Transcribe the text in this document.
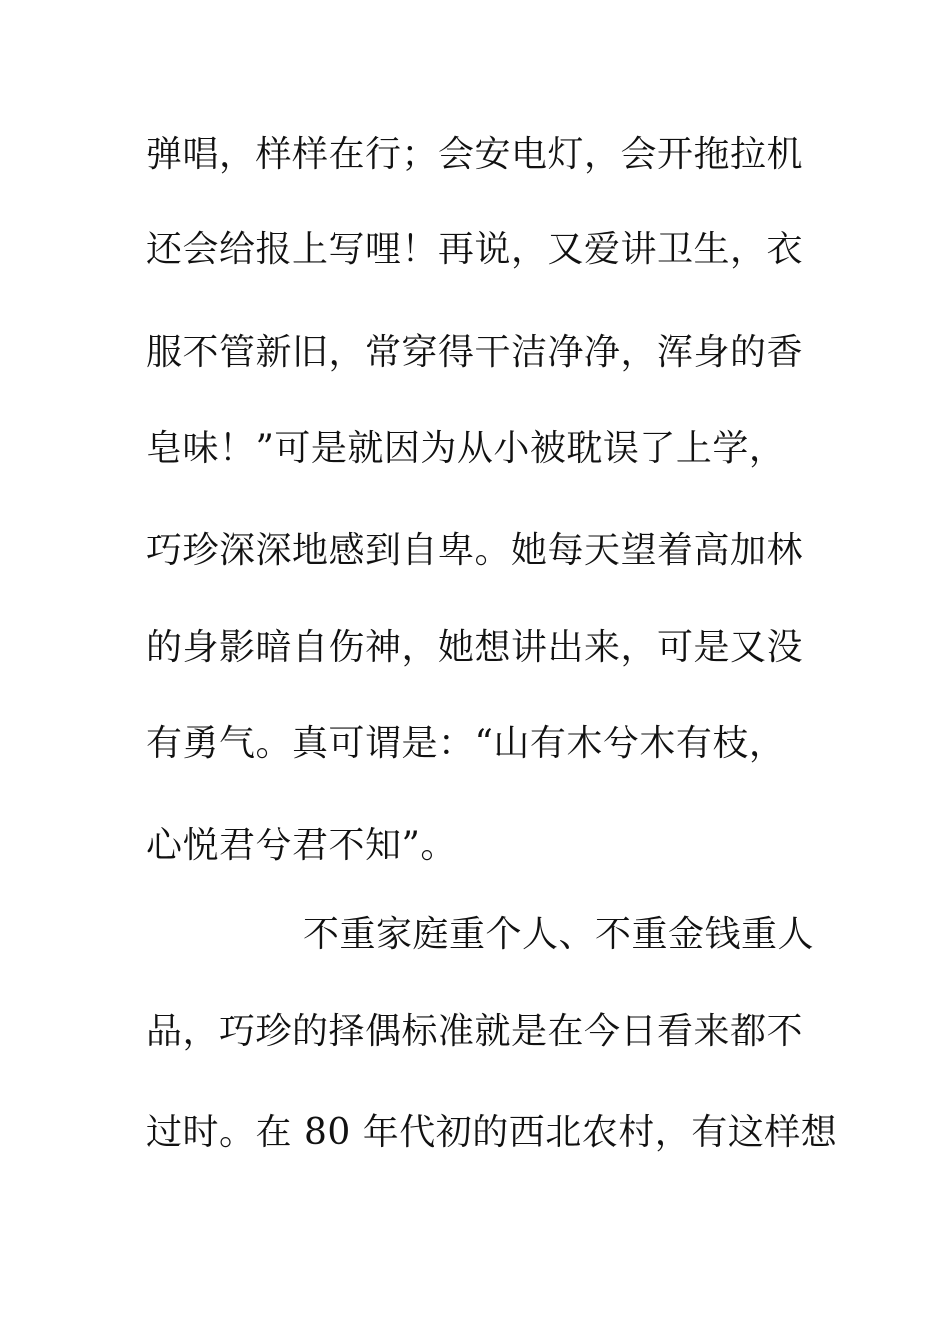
弹唱，样样在行；会安电灯，会开拖拉机
还会给报上写哩！再说，又爱讲卫生，衣
服不管新旧，常穿得干洁净净，浑身的香
皂味！”可是就因为从小被耽误了上学，
巧珍深深地感到自卑。她每天望着高加林
的身影暗自伤神，她想讲出来，可是又没
有勇气。真可谓是：“山有木兮木有枝，
心悦君兮君不知”。
不重家庭重个人、不重金钱重人
品，巧珍的择偶标准就是在今日看来都不
过时。在 80 年代初的西北农村，有这样想
